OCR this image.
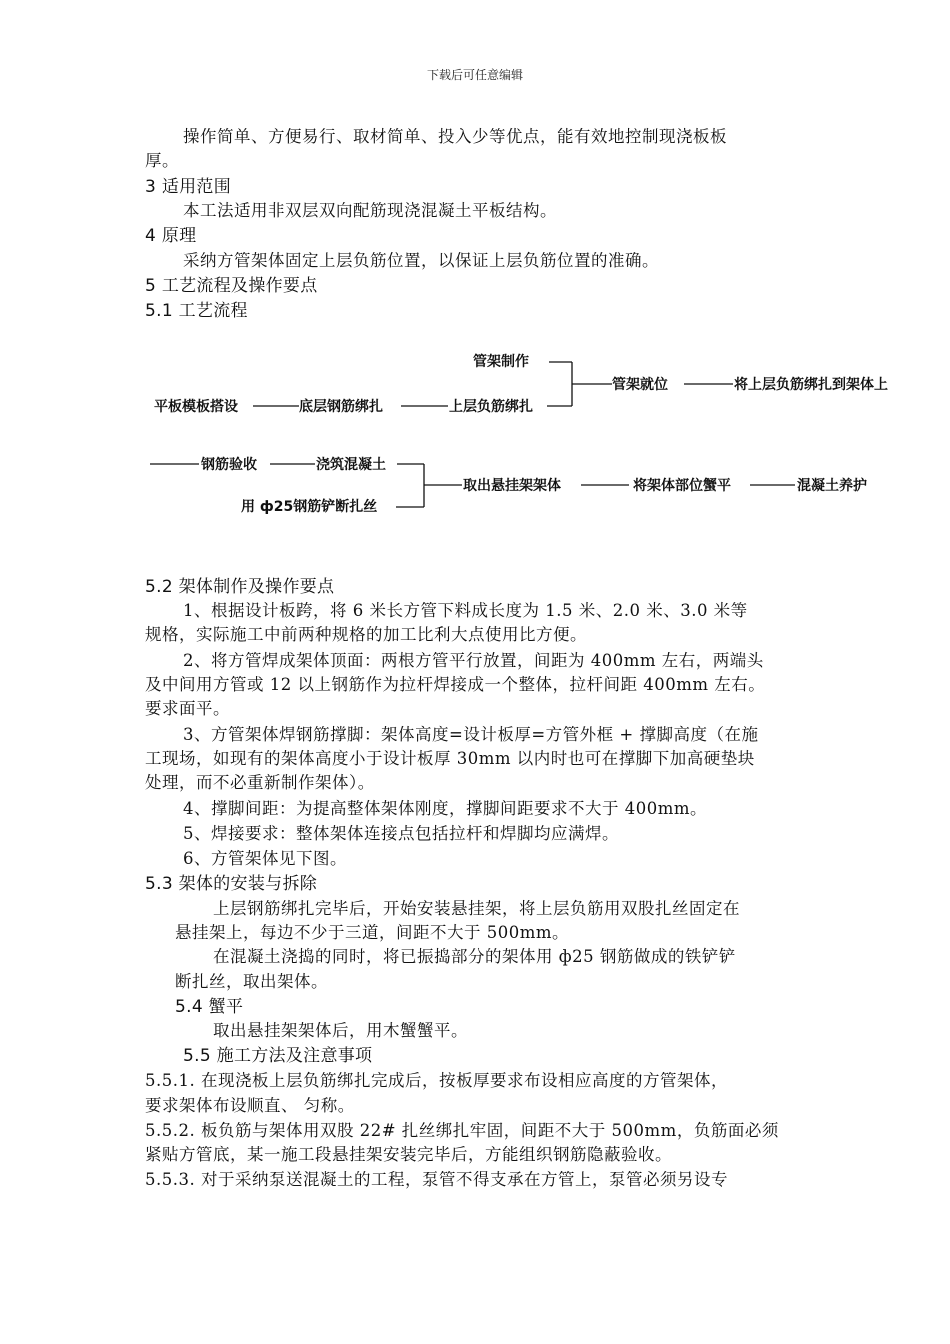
下载后可任意编辑
操作简单、方便易行、取材简单、投入少等优点，能有效地控制现浇板板
厚。
3 适用范围
本工法适用非双层双向配筋现浇混凝土平板结构。
4 原理
采纳方管架体固定上层负筋位置，以保证上层负筋位置的准确。
5 工艺流程及操作要点
5.1 工艺流程
管架制作
平板模板搭设	底层钢筋绑扎	上层负筋绑扎
管架就位	将上层负筋绑扎到架体上
钢筋验收	浇筑混凝土
用 ф25钢筋铲断扎丝
取出悬挂架架体	将架体部位蟹平	混凝土养护
5.2 架体制作及操作要点
1、根据设计板跨，将 6 米长方管下料成长度为 1.5 米、2.0 米、3.0 米等
规格，实际施工中前两种规格的加工比利大点使用比方便。
2、将方管焊成架体顶面：两根方管平行放置，间距为 400mm 左右，两端头
及中间用方管或 12 以上钢筋作为拉杆焊接成一个整体，拉杆间距 400mm 左右。
要求面平。
3、方管架体焊钢筋撑脚：架体高度=设计板厚=方管外框 + 撑脚高度（在施
工现场，如现有的架体高度小于设计板厚 30mm 以内时也可在撑脚下加高硬垫块
处理，而不必重新制作架体）。
4、撑脚间距：为提高整体架体刚度，撑脚间距要求不大于 400mm。
5、焊接要求：整体架体连接点包括拉杆和焊脚均应满焊。
6、方管架体见下图。
5.3 架体的安装与拆除
上层钢筋绑扎完毕后，开始安装悬挂架，将上层负筋用双股扎丝固定在
悬挂架上，每边不少于三道，间距不大于 500mm。
在混凝土浇捣的同时，将已振捣部分的架体用 ф25 钢筋做成的铁铲铲
断扎丝，取出架体。
5.4 蟹平
取出悬挂架架体后，用木蟹蟹平。
5.5 施工方法及注意事项
5.5.1. 在现浇板上层负筋绑扎完成后，按板厚要求布设相应高度的方管架体，
要求架体布设顺直、 匀称。
5.5.2. 板负筋与架体用双股 22# 扎丝绑扎牢固，间距不大于 500mm，负筋面必须
紧贴方管底，某一施工段悬挂架安装完毕后，方能组织钢筋隐蔽验收。
5.5.3. 对于采纳泵送混凝土的工程，泵管不得支承在方管上，泵管必须另设专
